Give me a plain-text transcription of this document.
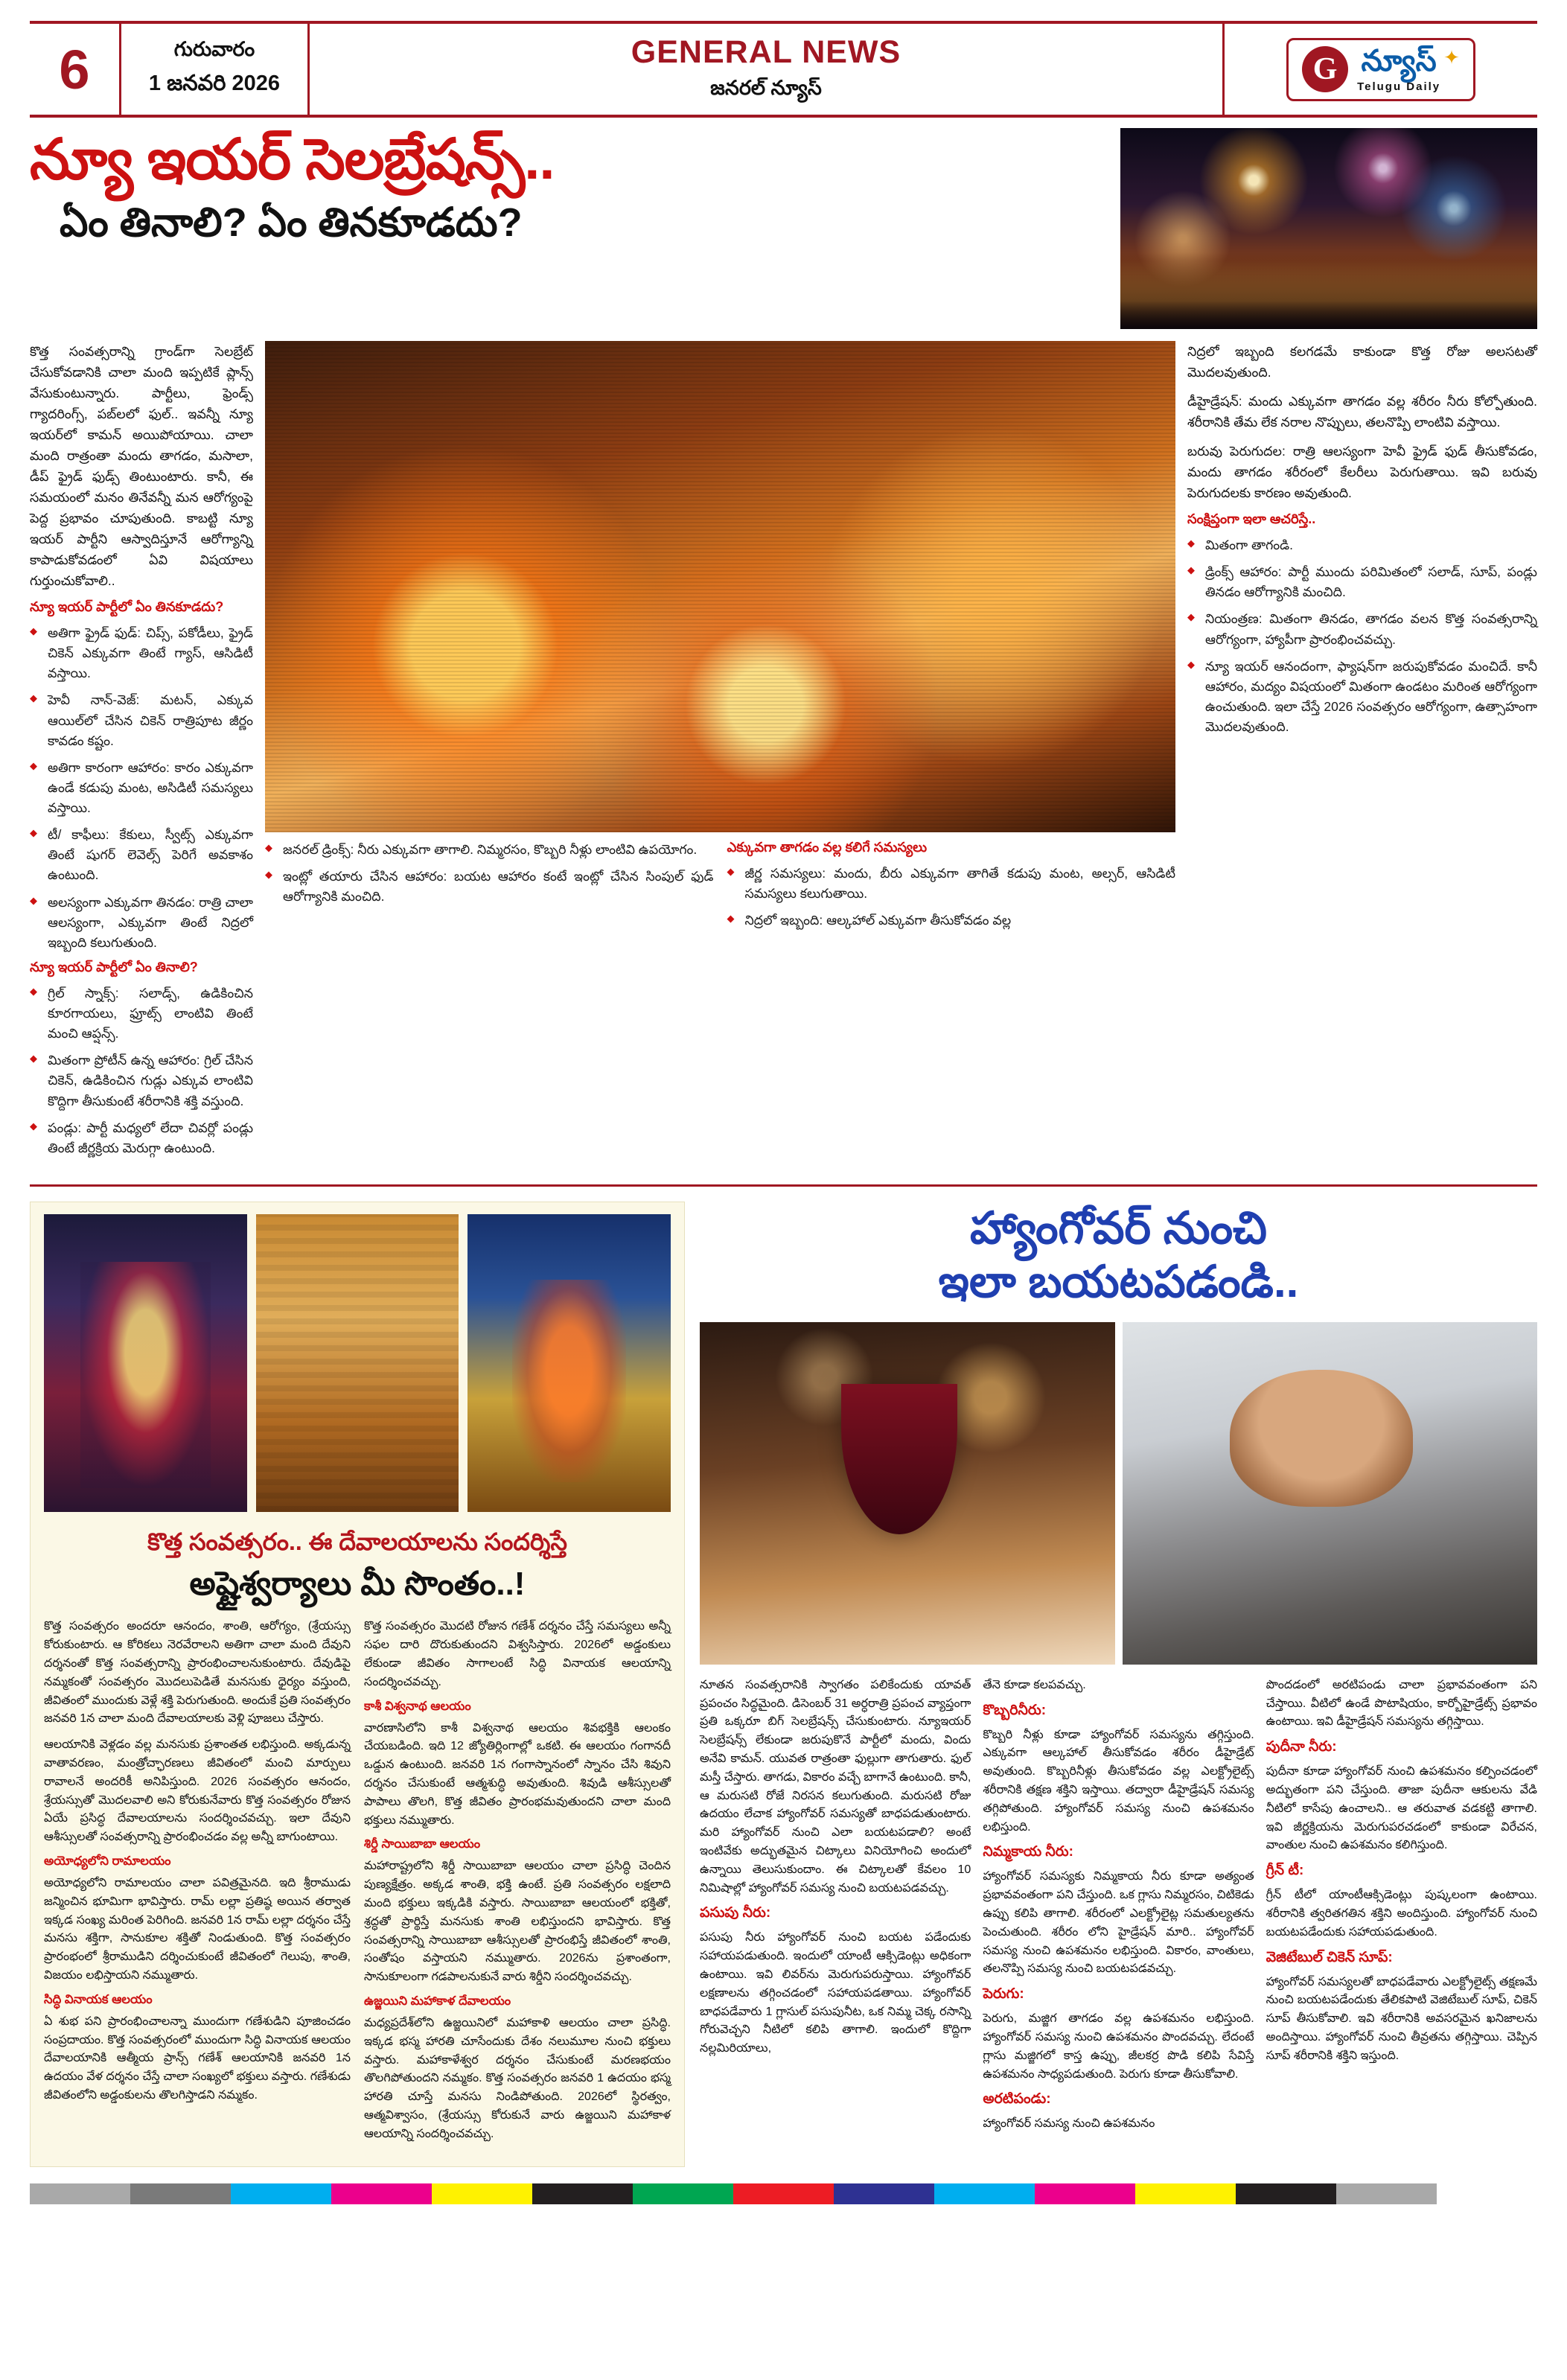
6	గురువారం
1 జనవరి 2026
GENERAL NEWS
జనరల్ న్యూస్
G న్యూస్
Telugu Daily
✦
న్యూ ఇయర్ సెలబ్రేషన్స్..
ఏం తినాలి? ఏం తినకూడదు?

కొత్త సంవత్సరాన్ని గ్రాండ్‌గా సెలబ్రేట్ చేసుకోవడానికి చాలా మంది ఇప్పటికే ప్లాన్స్ వేసుకుంటున్నారు. పార్టీలు, ఫ్రెండ్స్ గ్యాదరింగ్స్, పబ్‌లలో ఫుల్.. ఇవన్నీ న్యూ ఇయర్‌లో కామన్ అయిపోయాయి. చాలా మంది రాత్రంతా మందు తాగడం, మసాలా, డీప్ ఫ్రైడ్ ఫుడ్స్ తింటుంటారు. కానీ, ఈ సమయంలో మనం తినేవన్నీ మన ఆరోగ్యంపై పెద్ద ప్రభావం చూపుతుంది. కాబట్టి న్యూ ఇయర్ పార్టీని ఆస్వాదిస్తూనే ఆరోగ్యాన్ని కాపాడుకోవడంలో ఏవి విషయాలు గుర్తుంచుకోవాలి..

న్యూ ఇయర్ పార్టీలో ఏం తినకూడదు?
◆ అతిగా ఫ్రైడ్ ఫుడ్: చిప్స్, పకోడీలు, ఫ్రైడ్ చికెన్ ఎక్కువగా తింటే గ్యాస్, ఆసిడిటీ వస్తాయి.
◆ హెవీ నాన్‌-వెజ్: మటన్, ఎక్కువ ఆయిల్‌లో చేసిన చికెన్ రాత్రిపూట జీర్ణం కావడం కష్టం.
◆ అతిగా కారంగా ఆహారం: కారం ఎక్కువగా ఉండే కడుపు మంట, అసిడిటీ సమస్యలు వస్తాయి.
◆ టీ/ కాఫీలు: కేకులు, స్వీట్స్ ఎక్కువగా తింటే షుగర్ లెవెల్స్ పెరిగే అవకాశం ఉంటుంది.
◆ అలస్యంగా ఎక్కువగా తినడం: రాత్రి చాలా ఆలస్యంగా, ఎక్కువగా తింటే నిద్రలో ఇబ్బంది కలుగుతుంది.
న్యూ ఇయర్ పార్టీలో ఏం తినాలి?
◆ గ్రిల్ స్నాక్స్: సలాడ్స్, ఉడికించిన కూరగాయలు, ఫ్రూట్స్ లాంటివి తింటే మంచి ఆప్షన్స్.
◆ మితంగా ప్రోటీన్ ఉన్న ఆహారం: గ్రిల్ చేసిన చికెన్, ఉడికించిన గుడ్లు ఎక్కువ లాంటివి కొద్దిగా తీసుకుంటే శరీరానికి శక్తి వస్తుంది.
◆ పండ్లు: పార్టీ మధ్యలో లేదా చివర్లో పండ్లు తింటే జీర్ణక్రియ మెరుగ్గా ఉంటుంది.
◆ జనరల్ డ్రింక్స్: నీరు ఎక్కువగా తాగాలి. నిమ్మరసం, కొబ్బరి నీళ్లు లాంటివి ఉపయోగం.
◆ ఇంట్లో తయారు చేసిన ఆహారం: బయట ఆహారం కంటే ఇంట్లో చేసిన సింపుల్ ఫుడ్ ఆరోగ్యానికి మంచిది.
ఎక్కువగా తాగడం వల్ల కలిగే సమస్యలు
◆ జీర్ణ సమస్యలు: మందు, బీరు ఎక్కువగా తాగితే కడుపు మంట, అల్సర్, ఆసిడిటీ సమస్యలు కలుగుతాయి.
◆ నిద్రలో ఇబ్బంది: ఆల్కహాల్ ఎక్కువగా తీసుకోవడం వల్ల

నిద్రలో ఇబ్బంది కలగడమే కాకుండా కొత్త రోజు అలసటతో మొదలవుతుంది.

డీహైడ్రేషన్: మందు ఎక్కువగా తాగడం వల్ల శరీరం నీరు కోల్పోతుంది. శరీరానికి తేమ లేక నరాల నొప్పులు, తలనొప్పి లాంటివి వస్తాయి.

బరువు పెరుగుదల: రాత్రి ఆలస్యంగా హెవీ ఫ్రైడ్ ఫుడ్ తీసుకోవడం, మందు తాగడం శరీరంలో కేలరీలు పెరుగుతాయి. ఇవి బరువు పెరుగుదలకు కారణం అవుతుంది.

సంక్షిప్తంగా ఇలా ఆచరిస్తే..
◆ మితంగా తాగండి.
◆ డ్రింక్స్ ఆహారం: పార్టీ ముందు పరిమితంలో సలాడ్, సూప్, పండ్లు తినడం ఆరోగ్యానికి మంచిది.
◆ నియంత్రణ: మితంగా తినడం, తాగడం వలన కొత్త సంవత్సరాన్ని ఆరోగ్యంగా, హ్యాపీగా ప్రారంభించవచ్చు.
◆ న్యూ ఇయర్ ఆనందంగా, ఫ్యాషన్‌గా జరుపుకోవడం మంచిదే. కానీ ఆహారం, మద్యం విషయంలో మితంగా ఉండటం మరింత ఆరోగ్యంగా ఉంచుతుంది. ఇలా చేస్తే 2026 సంవత్సరం ఆరోగ్యంగా, ఉత్సాహంగా మొదలవుతుంది.
కొత్త సంవత్సరం.. ఈ దేవాలయాలను సందర్శిస్తే
అష్టైశ్వర్యాలు మీ సొంతం..!

కొత్త సంవత్సరం అందరూ ఆనందం, శాంతి, ఆరోగ్యం, (శ్రేయస్సు కోరుకుంటారు. ఆ కోరికలు నెరవేరాలని అతిగా చాలా మంది దేవుని దర్శనంతో కొత్త సంవత్సరాన్ని ప్రారంభించాలనుకుంటారు. దేవుడిపై నమ్మకంతో సంవత్సరం మొదలుపెడితే మనసుకు ధైర్యం వస్తుంది, జీవితంలో ముందుకు వెళ్లే శక్తి పెరుగుతుంది. అందుకే ప్రతి సంవత్సరం జనవరి 1న చాలా మంది దేవాలయాలకు వెళ్లి పూజలు చేస్తారు.

ఆలయానికి వెళ్లడం వల్ల మనసుకు ప్రశాంతత లభిస్తుంది. అక్కడున్న వాతావరణం, మంత్రోచ్ఛారణలు జీవితంలో మంచి మార్పులు రావాలనే అందరికీ అనిపిస్తుంది. 2026 సంవత్సరం ఆనందం, శ్రేయస్సుతో మొదలవాలి అని కోరుకునేవారు కొత్త సంవత్సరం రోజున ఏయే ప్రసిద్ధ దేవాలయాలను సందర్శించవచ్చు. ఇలా దేవుని ఆశీస్సులతో సంవత్సరాన్ని ప్రారంభించడం వల్ల అన్నీ బాగుంటాయి.

అయోధ్యలోని రామాలయం

అయోధ్యలోని రామాలయం చాలా పవిత్రమైనది. ఇది శ్రీరాముడు జన్మించిన భూమిగా భావిస్తారు. రామ్ లల్లా ప్రతిష్ఠ అయిన తర్వాత ఇక్కడ సంఖ్య మరింత పెరిగింది. జనవరి 1న రామ్ లల్లా దర్శనం చేస్తే మనసు శక్తిగా, సానుకూల శక్తితో నిండుతుంది. కొత్త సంవత్సరం ప్రారంభంలో శ్రీరాముడిని దర్శించుకుంటే జీవితంలో గెలుపు, శాంతి, విజయం లభిస్తాయని నమ్ముతారు.

సిద్ధి వినాయక ఆలయం

ఏ శుభ పని ప్రారంభించాలన్నా ముందుగా గణేశుడిని పూజించడం సంప్రదాయం. కొత్త సంవత్సరంలో ముందుగా సిద్ధి వినాయక ఆలయం దేవాలయానికి ఆత్మీయ ప్రాన్స్ గణేశ్ ఆలయానికి జనవరి 1న ఉదయం వేళ దర్శనం చేస్తే చాలా సంఖ్యలో భక్తులు వస్తారు. గణేశుడు జీవితంలోని అడ్డంకులను తొలగిస్తాడని నమ్మకం.

కొత్త సంవత్సరం మొదటి రోజున గణేశ్ దర్శనం చేస్తే సమస్యలు అన్నీ సఫల దారి దొరుకుతుందని విశ్వసిస్తారు. 2026లో అడ్డంకులు లేకుండా జీవితం సాగాలంటే సిద్ధి వినాయక ఆలయాన్ని సందర్శించవచ్చు.

కాశీ విశ్వనాథ ఆలయం

వారణాసిలోని కాశీ విశ్వనాథ ఆలయం శివభక్తికి ఆలంకం చేయబడింది. ఇది 12 జ్యోతిర్లింగాల్లో ఒకటి. ఈ ఆలయం గంగానదీ ఒడ్డున ఉంటుంది. జనవరి 1న గంగాస్నానంలో స్నానం చేసి శివుని దర్శనం చేసుకుంటే ఆత్మశుద్ధి అవుతుంది. శివుడి ఆశీస్సులతో పాపాలు తొలగి, కొత్త జీవితం ప్రారంభమవుతుందని చాలా మంది భక్తులు నమ్ముతారు.

శిర్డీ సాయిబాబా ఆలయం

మహారాష్ట్రలోని శిర్డీ సాయిబాబా ఆలయం చాలా ప్రసిద్ధి చెందిన పుణ్యక్షేత్రం. అక్కడ శాంతి, భక్తి ఉంటే. ప్రతి సంవత్సరం లక్షలాది మంది భక్తులు ఇక్కడికి వస్తారు. సాయిబాబా ఆలయంలో భక్తితో, శ్రద్ధతో ప్రార్థిస్తే మనసుకు శాంతి లభిస్తుందని భావిస్తారు. కొత్త సంవత్సరాన్ని సాయిబాబా ఆశీస్సులతో ప్రారంభిస్తే జీవితంలో శాంతి, సంతోషం వస్తాయని నమ్ముతారు. 2026ను ప్రశాంతంగా, సానుకూలంగా గడపాలనుకునే వారు శిర్డీని సందర్శించవచ్చు.

ఉజ్జయిని మహాకాళ దేవాలయం

మధ్యప్రదేశ్‌లోని ఉజ్జయినిలో మహాకాళి ఆలయం చాలా ప్రసిద్ధి. ఇక్కడ భస్మ హారతి చూసేందుకు దేశం నలుమూల నుంచి భక్తులు వస్తారు. మహాకాళేశ్వర దర్శనం చేసుకుంటే మరణభయం తొలగిపోతుందని నమ్మకం. కొత్త సంవత్సరం జనవరి 1 ఉదయం భస్మ హారతి చూస్తే మనసు నిండిపోతుంది. 2026లో స్థిరత్వం, ఆత్మవిశ్వాసం, (శ్రేయస్సు కోరుకునే వారు ఉజ్జయిని మహాకాళ ఆలయాన్ని సందర్శించవచ్చు.

హ్యాంగోవర్ నుంచి
ఇలా బయటపడండి..

నూతన సంవత్సరానికి స్వాగతం పలికేందుకు యావత్ ప్రపంచం సిద్ధమైంది. డిసెంబర్ 31 అర్ధరాత్రి ప్రపంచ వ్యాప్తంగా ప్రతి ఒక్కరూ బిగ్ సెలబ్రేషన్స్ చేసుకుంటారు. న్యూఇయర్ సెలబ్రేషన్స్ లేకుండా జరుపుకొనే పార్టీలో మందు, విందు అనేవి కామన్. యువత రాత్రంతా ఫుల్లుగా తాగుతారు. ఫుల్ మస్తీ చేస్తారు. తాగడు, వికారం వచ్చే బాగానే ఉంటుంది. కానీ, ఆ మరుసటి రోజే నిరసన కలుగుతుంది. మరుసటి రోజు ఉదయం లేచాక హ్యాంగోవర్ సమస్యతో బాధపడుతుంటారు. మరి హ్యాంగోవర్ నుంచి ఎలా బయటపడాలి? అంటే ఇంటివేకు అద్భుతమైన చిట్కాలు వినియోగించి అందులో ఉన్నాయి తెలుసుకుందాం. ఈ చిట్కాలతో కేవలం 10 నిమిషాల్లో హ్యాంగోవర్ సమస్య నుంచి బయటపడవచ్చు.

పసుపు నీరు:

పసుపు నీరు హ్యాంగోవర్ నుంచి బయట పడేందుకు సహాయపడుతుంది. ఇందులో యాంటీ ఆక్సిడెంట్లు అధికంగా ఉంటాయి. ఇవి లివర్‌ను మెరుగుపరుస్తాయి. హ్యాంగోవర్ లక్షణాలను తగ్గించడంలో సహాయపడతాయి. హ్యాంగోవర్ బాధపడేవారు 1 గ్లాసుల్ పసుపునీట, ఒక నిమ్మ చెక్క రసాన్ని గోరువెచ్చని నీటిలో కలిపి తాగాలి. ఇందులో కొద్దిగా నల్లమిరియాలు,

తేనె కూడా కలపవచ్చు.

కొబ్బరినీరు:

కొబ్బరి నీళ్లు కూడా హ్యాంగోవర్ సమస్యను తగ్గిస్తుంది. ఎక్కువగా ఆల్కహాల్ తీసుకోవడం శరీరం డీహైడ్రేట్ అవుతుంది. కొబ్బరినీళ్లు తీసుకోవడం వల్ల ఎలక్ట్రోలైట్స్ శరీరానికి తక్షణ శక్తిని ఇస్తాయి. తద్వారా డీహైడ్రేషన్ సమస్య తగ్గిపోతుంది. హ్యాంగోవర్ సమస్య నుంచి ఉపశమనం లభిస్తుంది.

నిమ్మకాయ నీరు:

హ్యాంగోవర్ సమస్యకు నిమ్మకాయ నీరు కూడా అత్యంత ప్రభావవంతంగా పని చేస్తుంది. ఒక గ్లాసు నిమ్మరసం, చిటికెడు ఉప్పు కలిపి తాగాలి. శరీరంలో ఎలక్ట్రోలైట్ల సమతుల్యతను పెంచుతుంది. శరీరం లోని హైడ్రేషన్ మారి.. హ్యాంగోవర్ సమస్య నుంచి ఉపశమనం లభిస్తుంది. వికారం, వాంతులు, తలనొప్పి సమస్య నుంచి బయటపడవచ్చు.

పెరుగు:

పెరుగు, మజ్జిగ తాగడం వల్ల ఉపశమనం లభిస్తుంది. హ్యాంగోవర్ సమస్య నుంచి ఉపశమనం పొందవచ్చు. లేదంటే గ్లాసు మజ్జిగలో కాస్త ఉప్పు, జీలకర్ర పొడి కలిపి సేవిస్తే ఉపశమనం సాధ్యపడుతుంది. పెరుగు కూడా తీసుకోవాలి.

అరటిపండు:

హ్యాంగోవర్ సమస్య నుంచి ఉపశమనం

పొందడంలో అరటిపండు చాలా ప్రభావవంతంగా పని చేస్తాయి. వీటిలో ఉండే పొటాషియం, కార్బోహైడ్రేట్స్ ప్రభావం ఉంటాయి. ఇవి డీహైడ్రేషన్ సమస్యను తగ్గిస్తాయి.

పుదీనా నీరు:

పుదీనా కూడా హ్యాంగోవర్ నుంచి ఉపశమనం కల్పించడంలో అద్భుతంగా పని చేస్తుంది. తాజా పుదీనా ఆకులను వేడి నీటిలో కాసేపు ఉంచాలని.. ఆ తరువాత వడకట్టి తాగాలి. ఇవి జీర్ణక్రియను మెరుగుపరచడంలో కాకుండా విరేచన, వాంతుల నుంచి ఉపశమనం కలిగిస్తుంది.

గ్రీన్ టీ:

గ్రీన్ టీలో యాంటీఆక్సిడెంట్లు పుష్కలంగా ఉంటాయి. శరీరానికి త్వరితగతిన శక్తిని అందిస్తుంది. హ్యాంగోవర్ నుంచి బయటపడేందుకు సహాయపడుతుంది.

వెజిటేబుల్ చికెన్ సూప్:

హ్యాంగోవర్ సమస్యలతో బాధపడేవారు ఎలక్ట్రోలైట్స్ తక్షణమే నుంచి బయటపడేందుకు తేలికపాటి వెజిటేబుల్ సూప్, చికెన్ సూప్ తీసుకోవాలి. ఇవి శరీరానికి అవసరమైన ఖనిజాలను అందిస్తాయి. హ్యాంగోవర్ నుంచి తీవ్రతను తగ్గిస్తాయి. చెప్పిన సూప్ శరీరానికి శక్తిని ఇస్తుంది.
